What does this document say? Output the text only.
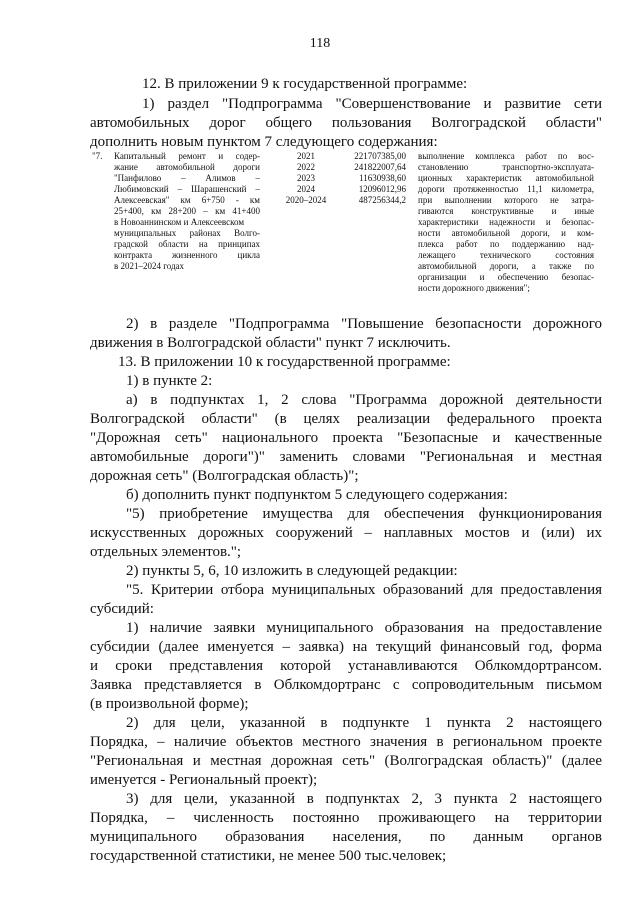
118
12. В приложении 9 к государственной программе:
1) раздел "Подпрограмма "Совершенствование и развитие сети
автомобильных дорог общего пользования Волгоградской области"
дополнить новым пунктом 7 следующего содержания:
"7. Капитальный ремонт и содер-
жание автомобильной дороги
"Панфилово – Алимов –
Любимовский – Шарашенский –
Алексеевская" км 6+750 - км
25+400, км 28+200 – км 41+400
в Новоаннинском и Алексеевском
муниципальных районах Волго-
градской области на принципах
контракта жизненного цикла
в 2021–2024 годах
2021
2022
2023
2024
2020–2024
221707385,00
241822007,64
11630938,60
12096012,96
487256344,2
выполнение комплекса работ по вос-
становлению транспортно-эксплуата-
ционных характеристик автомобильной
дороги протяженностью 11,1 километра,
при выполнении которого не затра-
гиваются конструктивные и иные
характеристики надежности и безопас-
ности автомобильной дороги, и ком-
плекса работ по поддержанию над-
лежащего технического состояния
автомобильной дороги, а также по
организации и обеспечению безопас-
ности дорожного движения";
2) в разделе "Подпрограмма "Повышение безопасности дорожного
движения в Волгоградской области" пункт 7 исключить.
13. В приложении 10 к государственной программе:
1) в пункте 2:
а) в подпунктах 1, 2 слова "Программа дорожной деятельности
Волгоградской области" (в целях реализации федерального проекта
"Дорожная сеть" национального проекта "Безопасные и качественные
автомобильные дороги")" заменить словами "Региональная и местная
дорожная сеть" (Волгоградская область)";
б) дополнить пункт подпунктом 5 следующего содержания:
"5) приобретение имущества для обеспечения функционирования
искусственных дорожных сооружений – наплавных мостов и (или) их
отдельных элементов.";
2) пункты 5, 6, 10 изложить в следующей редакции:
"5. Критерии отбора муниципальных образований для предоставления
субсидий:
1) наличие заявки муниципального образования на предоставление
субсидии (далее именуется – заявка) на текущий финансовый год, форма
и сроки представления которой устанавливаются Облкомдортрансом.
Заявка представляется в Облкомдортранс с сопроводительным письмом
(в произвольной форме);
2) для цели, указанной в подпункте 1 пункта 2 настоящего
Порядка, – наличие объектов местного значения в региональном проекте
"Региональная и местная дорожная сеть" (Волгоградская область)" (далее
именуется - Региональный проект);
3) для цели, указанной в подпунктах 2, 3 пункта 2 настоящего
Порядка, – численность постоянно проживающего на территории
муниципального образования населения, по данным органов
государственной статистики, не менее 500 тыс.человек;
